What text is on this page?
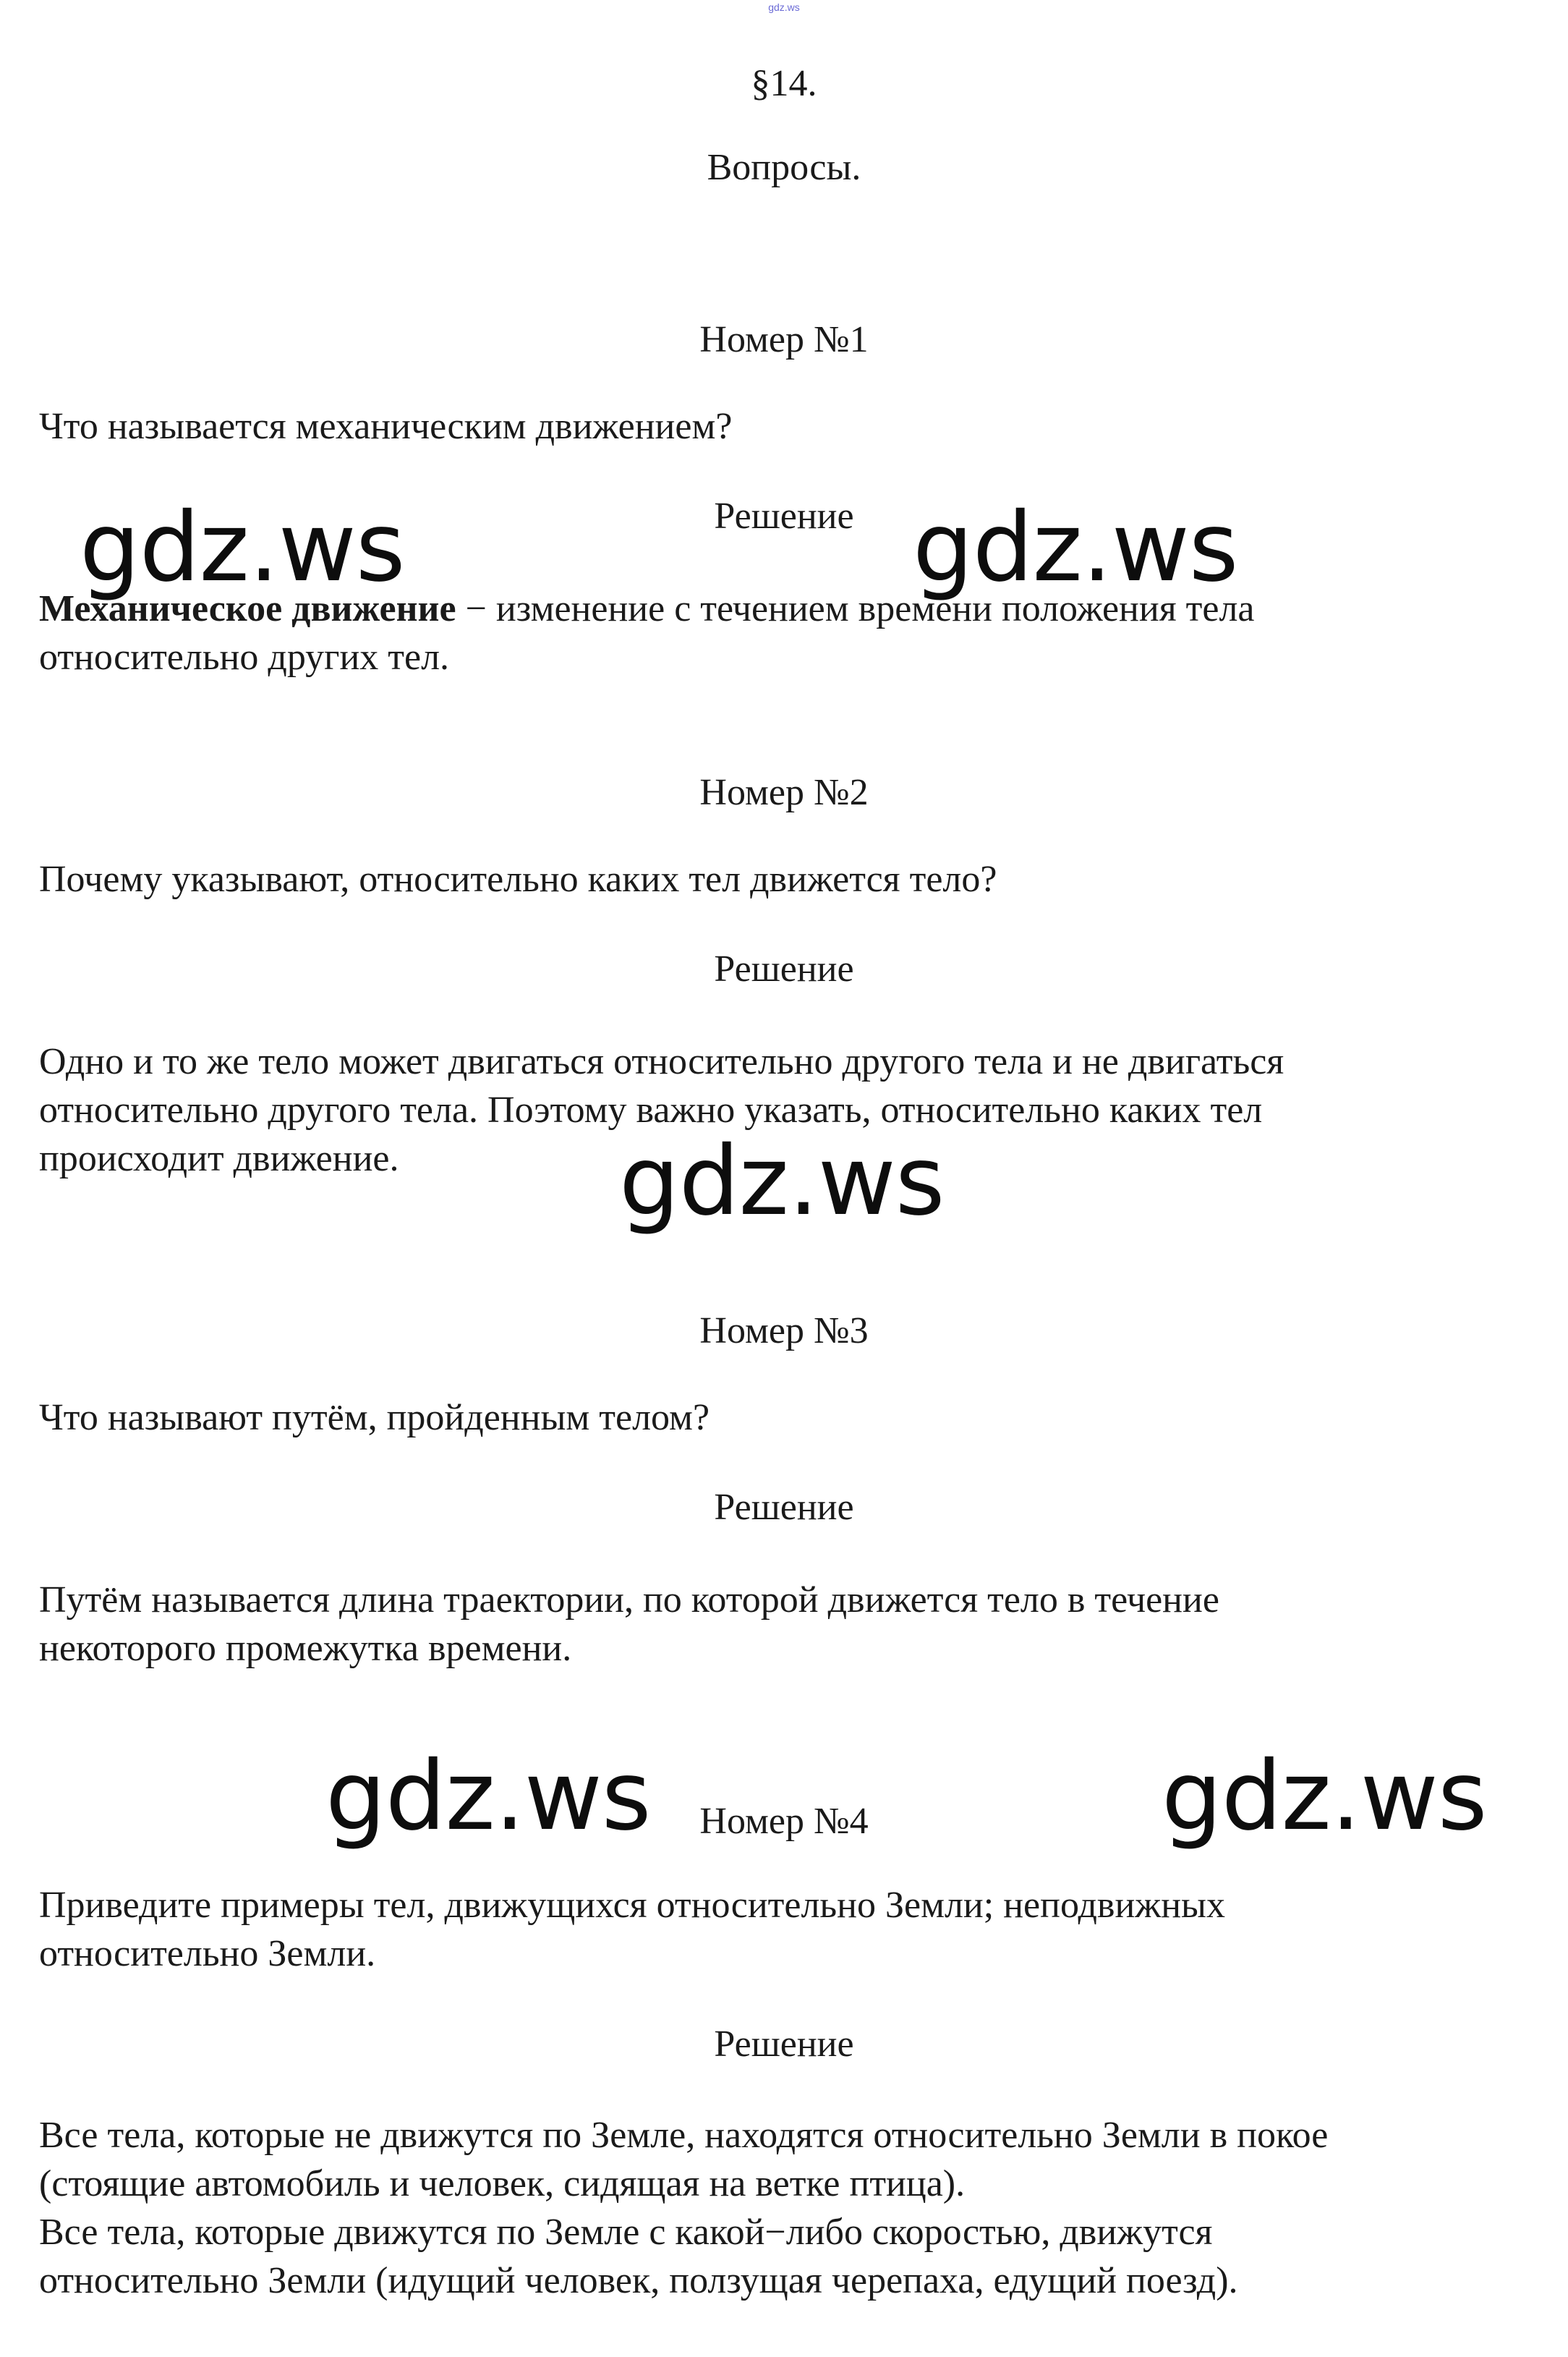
gdz.ws
§14.
Вопросы.
Номер №1
Что называется механическим движением?
Решение
Механическое движение − изменение с течением времени положения тела
относительно других тел.
Номер №2
Почему указывают, относительно каких тел движется тело?
Решение
Одно и то же тело может двигаться относительно другого тела и не двигаться
относительно другого тела. Поэтому важно указать, относительно каких тел
происходит движение.
Номер №3
Что называют путём, пройденным телом?
Решение
Путём называется длина траектории, по которой движется тело в течение
некоторого промежутка времени.
Номер №4
Приведите примеры тел, движущихся относительно Земли; неподвижных
относительно Земли.
Решение
Все тела, которые не движутся по Земле, находятся относительно Земли в покое
(стоящие автомобиль и человек, сидящая на ветке птица).
Все тела, которые движутся по Земле с какой−либо скоростью, движутся
относительно Земли (идущий человек, ползущая черепаха, едущий поезд).
gdz.ws	gdz.ws
gdz.ws
gdz.ws	gdz.ws
